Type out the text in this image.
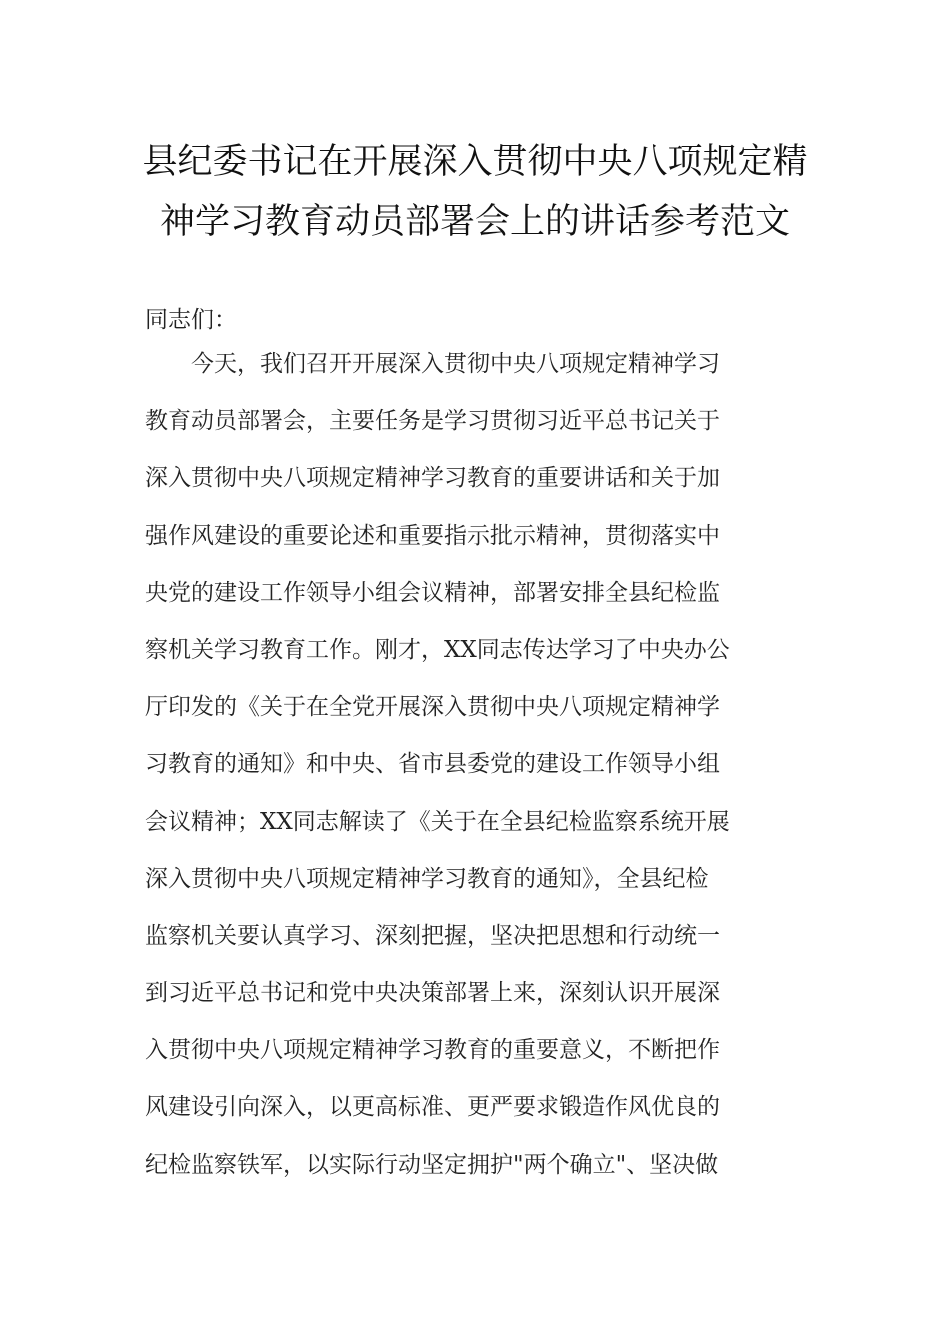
县纪委书记在开展深入贯彻中央八项规定精
神学习教育动员部署会上的讲话参考范文
同志们：
今天，我们召开开展深入贯彻中央八项规定精神学习
教育动员部署会，主要任务是学习贯彻习近平总书记关于
深入贯彻中央八项规定精神学习教育的重要讲话和关于加
强作风建设的重要论述和重要指示批示精神，贯彻落实中
央党的建设工作领导小组会议精神，部署安排全县纪检监
察机关学习教育工作。刚才，XX同志传达学习了中央办公
厅印发的《关于在全党开展深入贯彻中央八项规定精神学
习教育的通知》和中央、省市县委党的建设工作领导小组
会议精神；XX同志解读了《关于在全县纪检监察系统开展
深入贯彻中央八项规定精神学习教育的通知》，全县纪检
监察机关要认真学习、深刻把握，坚决把思想和行动统一
到习近平总书记和党中央决策部署上来，深刻认识开展深
入贯彻中央八项规定精神学习教育的重要意义，不断把作
风建设引向深入，以更高标准、更严要求锻造作风优良的
纪检监察铁军，以实际行动坚定拥护"两个确立"、坚决做
